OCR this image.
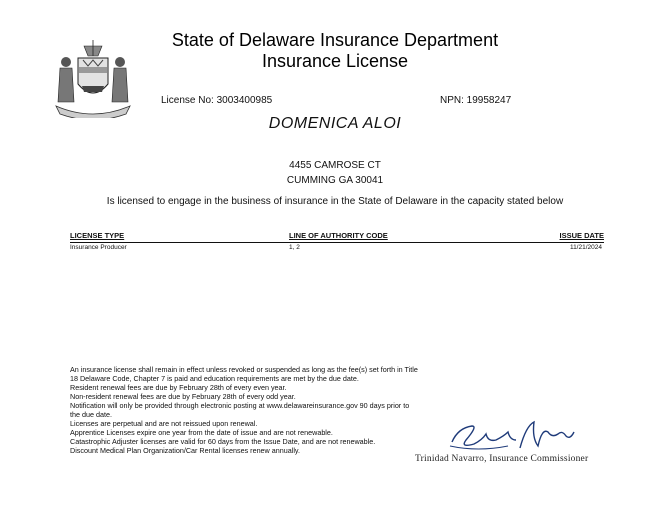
State of Delaware Insurance Department
Insurance License
License No: 3003400985	NPN: 19958247
DOMENICA ALOI
4455 CAMROSE CT
CUMMING GA 30041
Is licensed to engage in the business of insurance in the State of Delaware in the capacity stated below
LICENSE TYPE	LINE OF AUTHORITY CODE	ISSUE DATE
Insurance Producer	1, 2	11/21/2024

An insurance license shall remain in effect unless revoked or suspended as long as the fee(s) set forth in Title 18 Delaware Code, Chapter 7 is paid and education requirements are met by the due date.

Resident renewal fees are due by February 28th of every even year.

Non-resident renewal fees are due by February 28th of every odd year.

Notification will only be provided through electronic posting at www.delawareinsurance.gov 90 days prior to the due date.

Licenses are perpetual and are not reissued upon renewal.

Apprentice Licenses expire one year from the date of issue and are not renewable.

Catastrophic Adjuster licenses are valid for 60 days from the Issue Date, and are not renewable.

Discount Medical Plan Organization/Car Rental licenses renew annually.

Trinidad Navarro, Insurance Commissioner
